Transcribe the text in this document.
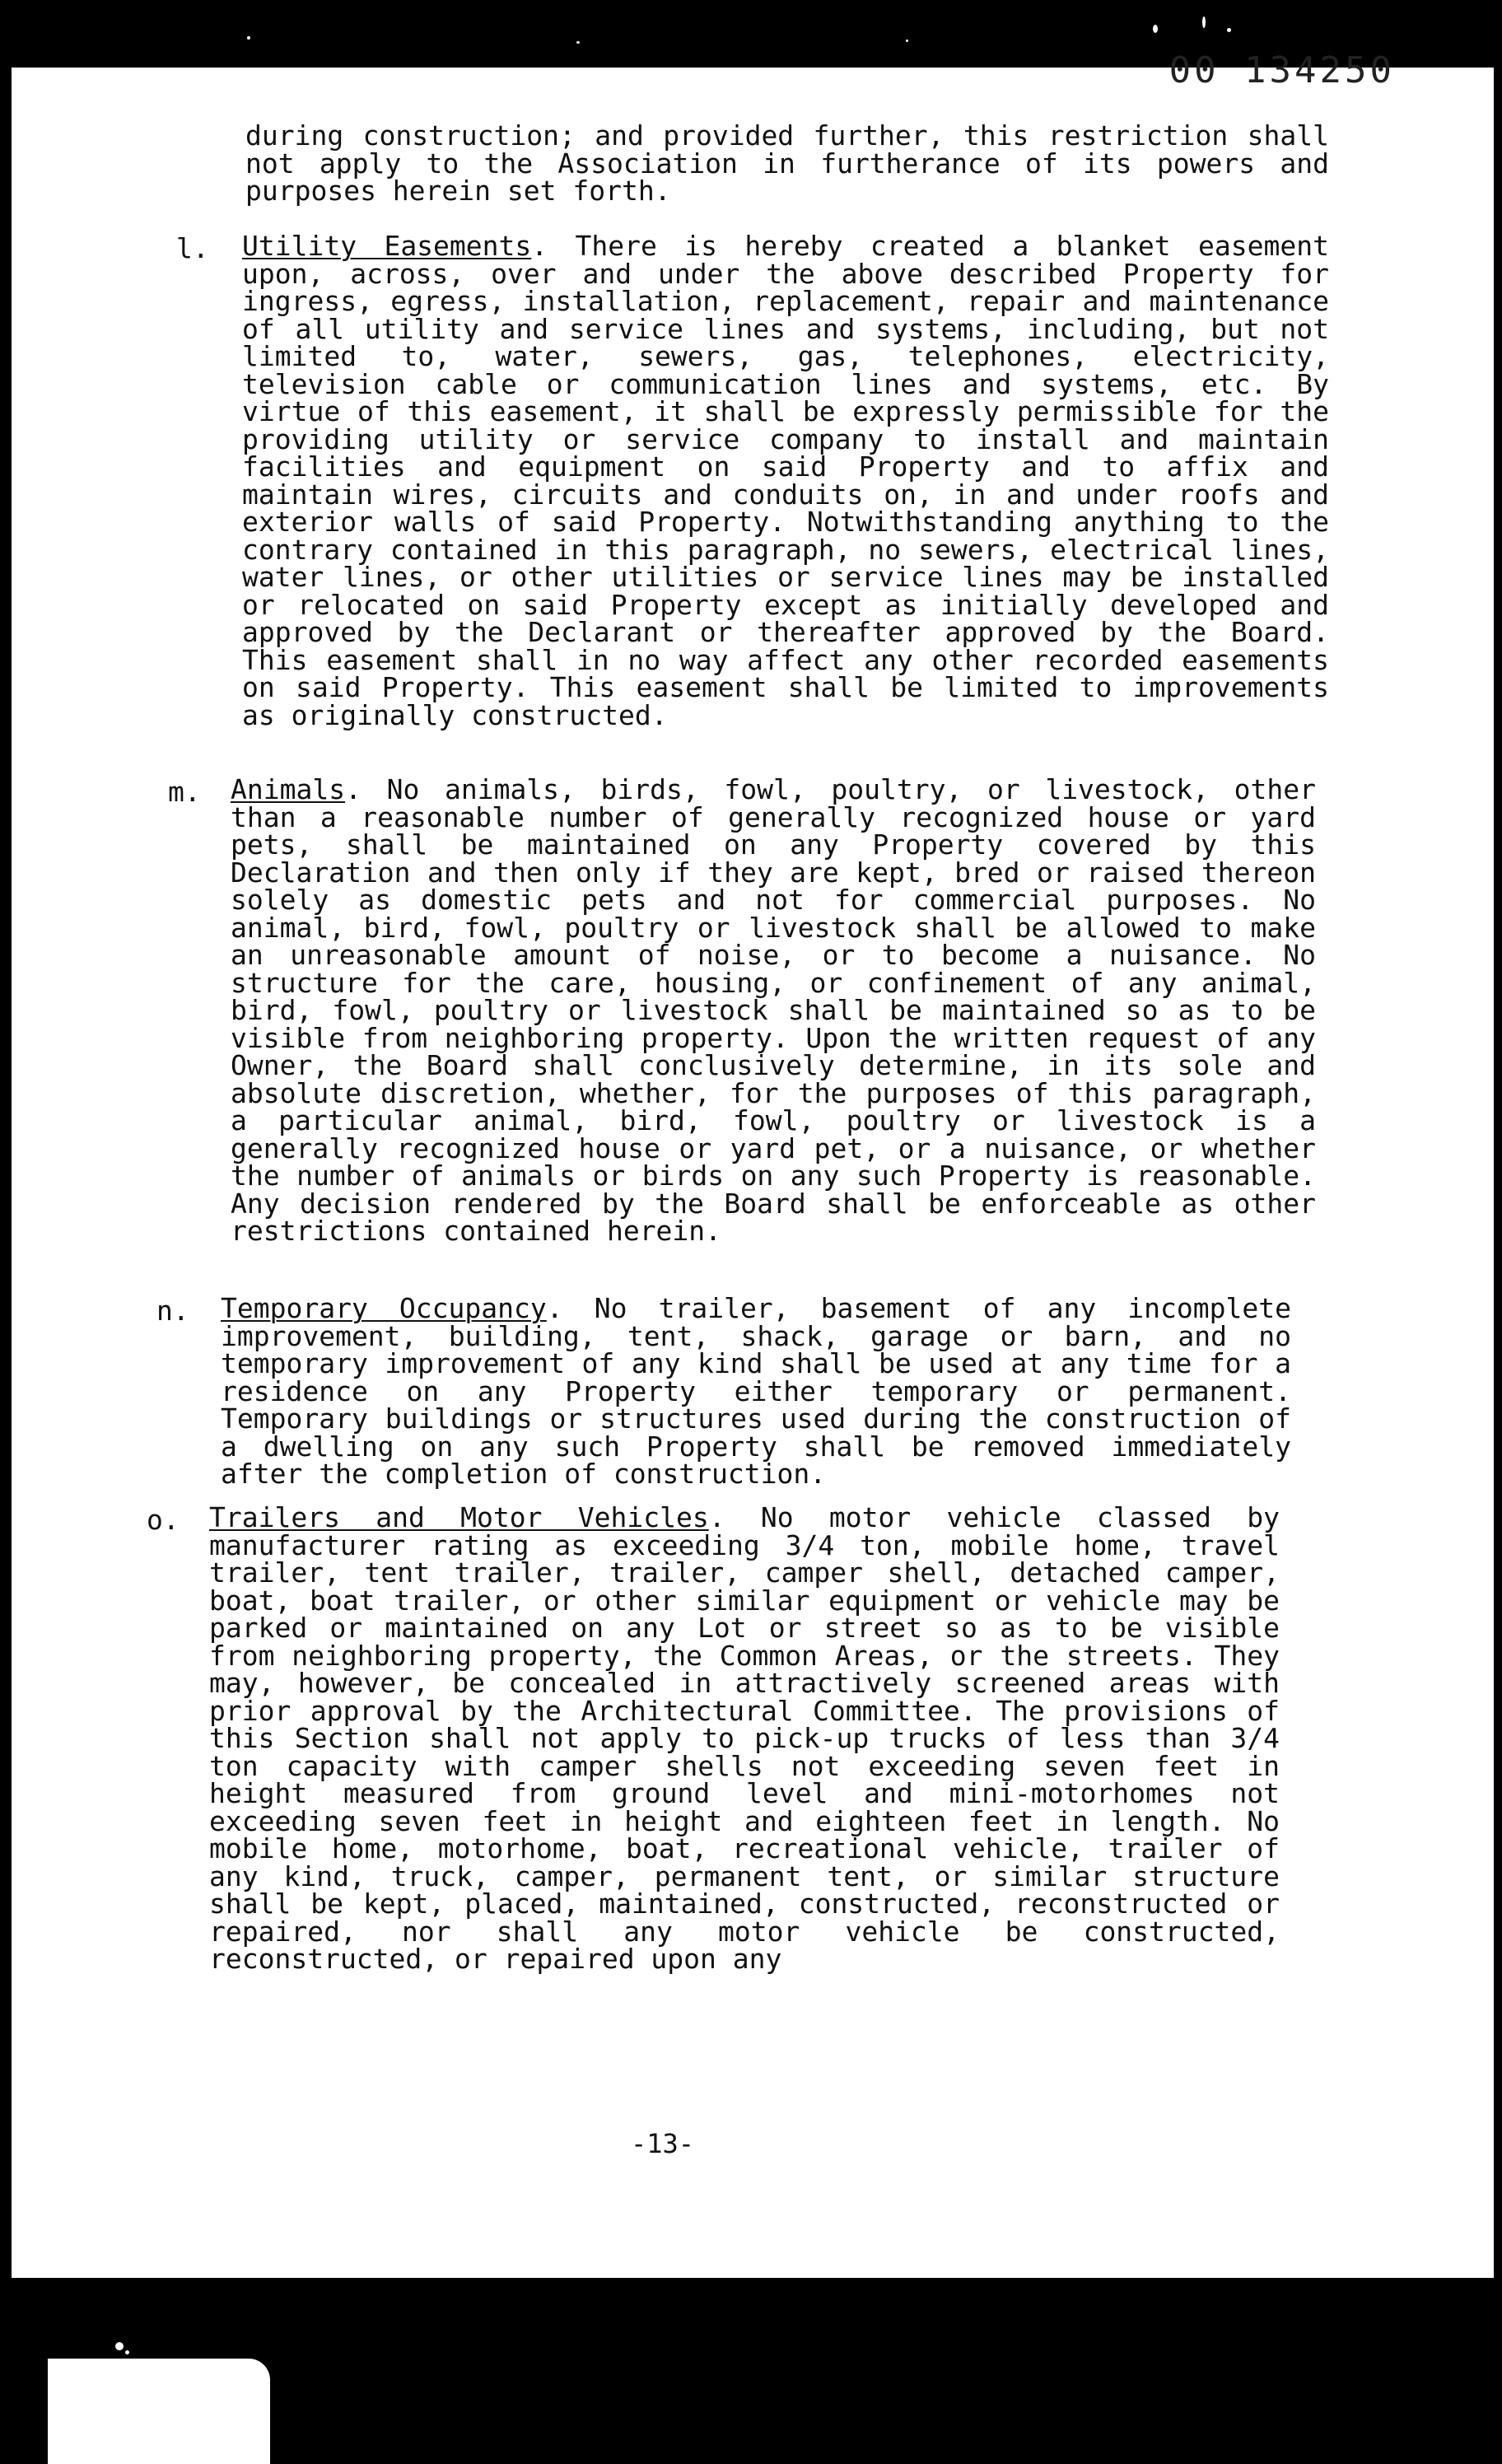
00 134250
during construction; and provided further, this restriction shall not apply to the Association in furtherance of its powers and purposes herein set forth.
l. Utility Easements. There is hereby created a blanket easement upon, across, over and under the above described Property for ingress, egress, installation, replacement, repair and maintenance of all utility and service lines and systems, including, but not limited to, water, sewers, gas, telephones, electricity, television cable or communication lines and systems, etc. By virtue of this easement, it shall be expressly permissible for the providing utility or service company to install and maintain facilities and equipment on said Property and to affix and maintain wires, circuits and conduits on, in and under roofs and exterior walls of said Property. Notwithstanding anything to the contrary contained in this paragraph, no sewers, electrical lines, water lines, or other utilities or service lines may be installed or relocated on said Property except as initially developed and approved by the Declarant or thereafter approved by the Board. This easement shall in no way affect any other recorded easements on said Property. This easement shall be limited to improvements as originally constructed.
m. Animals. No animals, birds, fowl, poultry, or livestock, other than a reasonable number of generally recognized house or yard pets, shall be maintained on any Property covered by this Declaration and then only if they are kept, bred or raised thereon solely as domestic pets and not for commercial purposes. No animal, bird, fowl, poultry or livestock shall be allowed to make an unreasonable amount of noise, or to become a nuisance. No structure for the care, housing, or confinement of any animal, bird, fowl, poultry or livestock shall be maintained so as to be visible from neighboring property. Upon the written request of any Owner, the Board shall conclusively determine, in its sole and absolute discretion, whether, for the purposes of this paragraph, a particular animal, bird, fowl, poultry or livestock is a generally recognized house or yard pet, or a nuisance, or whether the number of animals or birds on any such Property is reasonable. Any decision rendered by the Board shall be enforceable as other restrictions contained herein.
n. Temporary Occupancy. No trailer, basement of any incomplete improvement, building, tent, shack, garage or barn, and no temporary improvement of any kind shall be used at any time for a residence on any Property either temporary or permanent. Temporary buildings or structures used during the construction of a dwelling on any such Property shall be removed immediately after the completion of construction.
o. Trailers and Motor Vehicles. No motor vehicle classed by manufacturer rating as exceeding 3/4 ton, mobile home, travel trailer, tent trailer, trailer, camper shell, detached camper, boat, boat trailer, or other similar equipment or vehicle may be parked or maintained on any Lot or street so as to be visible from neighboring property, the Common Areas, or the streets. They may, however, be concealed in attractively screened areas with prior approval by the Architectural Committee. The provisions of this Section shall not apply to pick-up trucks of less than 3/4 ton capacity with camper shells not exceeding seven feet in height measured from ground level and mini-motorhomes not exceeding seven feet in height and eighteen feet in length. No mobile home, motorhome, boat, recreational vehicle, trailer of any kind, truck, camper, permanent tent, or similar structure shall be kept, placed, maintained, constructed, reconstructed or repaired, nor shall any motor vehicle be constructed, reconstructed, or repaired upon any
-13-
